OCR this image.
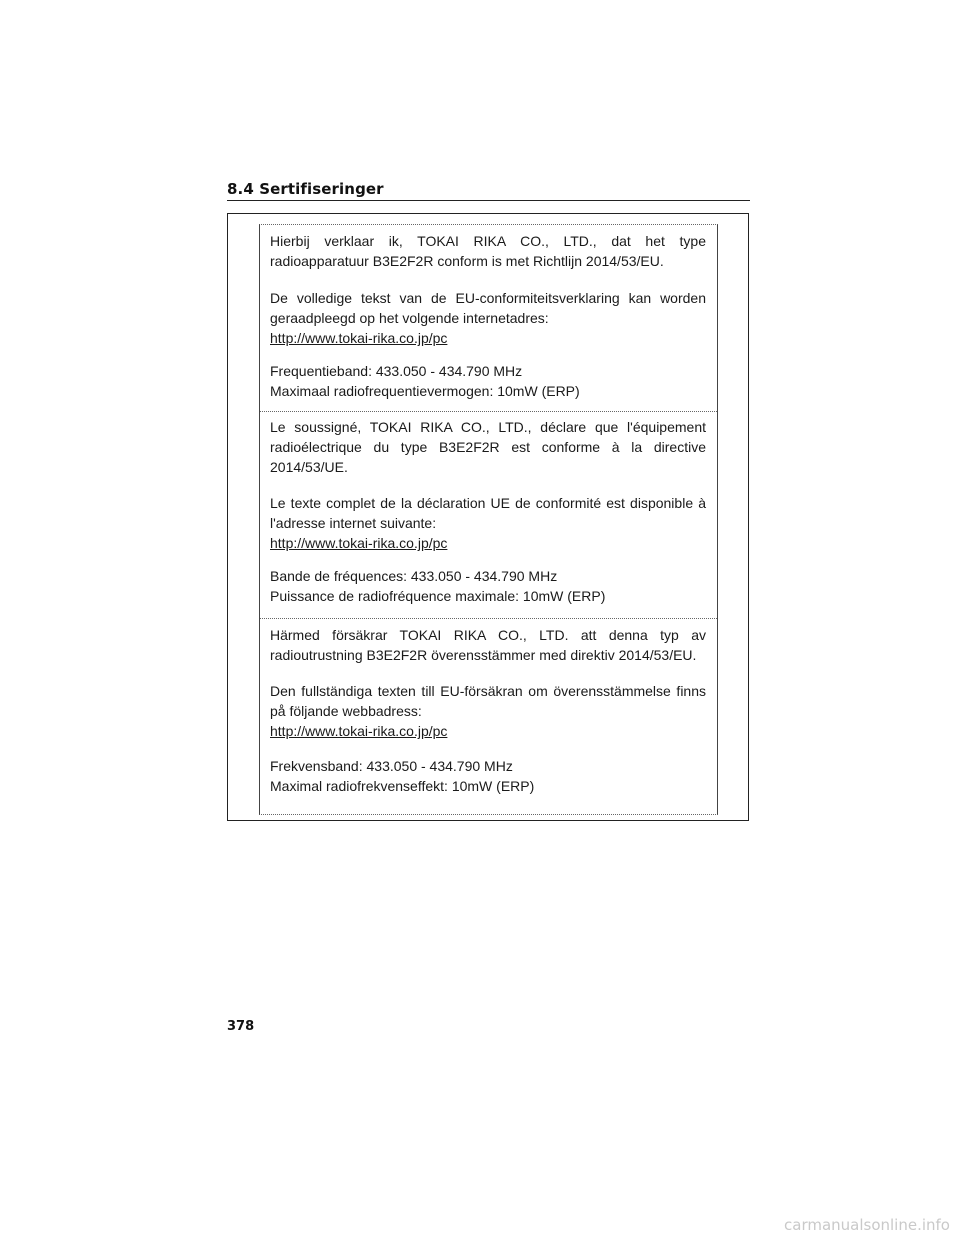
8.4 Sertifiseringer

Hierbij verklaar ik, TOKAI RIKA CO., LTD., dat het type

radioapparatuur B3E2F2R conform is met Richtlijn 2014/53/EU.

De volledige tekst van de EU-conformiteitsverklaring kan worden

geraadpleegd op het volgende internetadres:

http://www.tokai-rika.co.jp/pc

Frequentieband: 433.050 - 434.790 MHz

Maximaal radiofrequentievermogen: 10mW (ERP)

Le soussigné, TOKAI RIKA CO., LTD., déclare que l'équipement

radioélectrique du type B3E2F2R est conforme à la directive

2014/53/UE.

Le texte complet de la déclaration UE de conformité est disponible à

l'adresse internet suivante:

http://www.tokai-rika.co.jp/pc

Bande de fréquences: 433.050 - 434.790 MHz

Puissance de radiofréquence maximale: 10mW (ERP)

Härmed försäkrar TOKAI RIKA CO., LTD. att denna typ av

radioutrustning B3E2F2R överensstämmer med direktiv 2014/53/EU.

Den fullständiga texten till EU-försäkran om överensstämmelse finns

på följande webbadress:

http://www.tokai-rika.co.jp/pc

Frekvensband: 433.050 - 434.790 MHz

Maximal radiofrekvenseffekt: 10mW (ERP)

378
carmanualsonline.info
